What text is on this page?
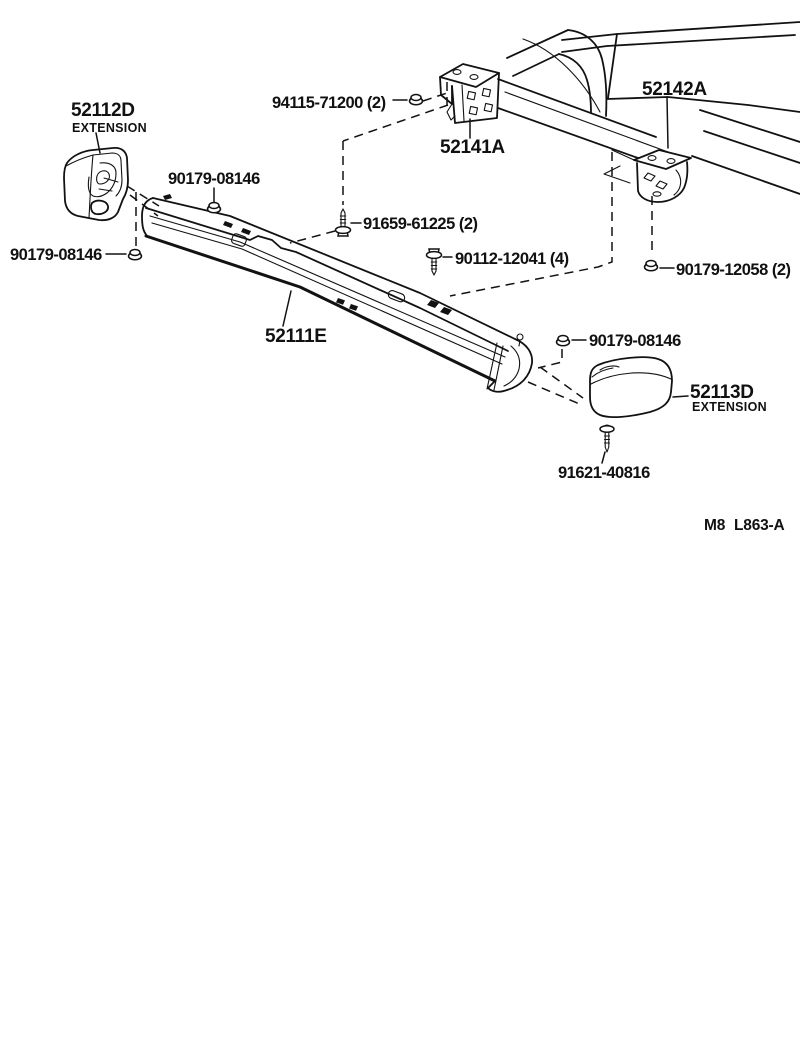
52112D
EXTENSION
90179-08146
94115-71200 (2)
52141A
52142A
90179-08146
91659-61225 (2)
90112-12041 (4)
90179-12058 (2)
52111E	90179-08146
52113D
EXTENSION
91621-40816
M8 L863-A
